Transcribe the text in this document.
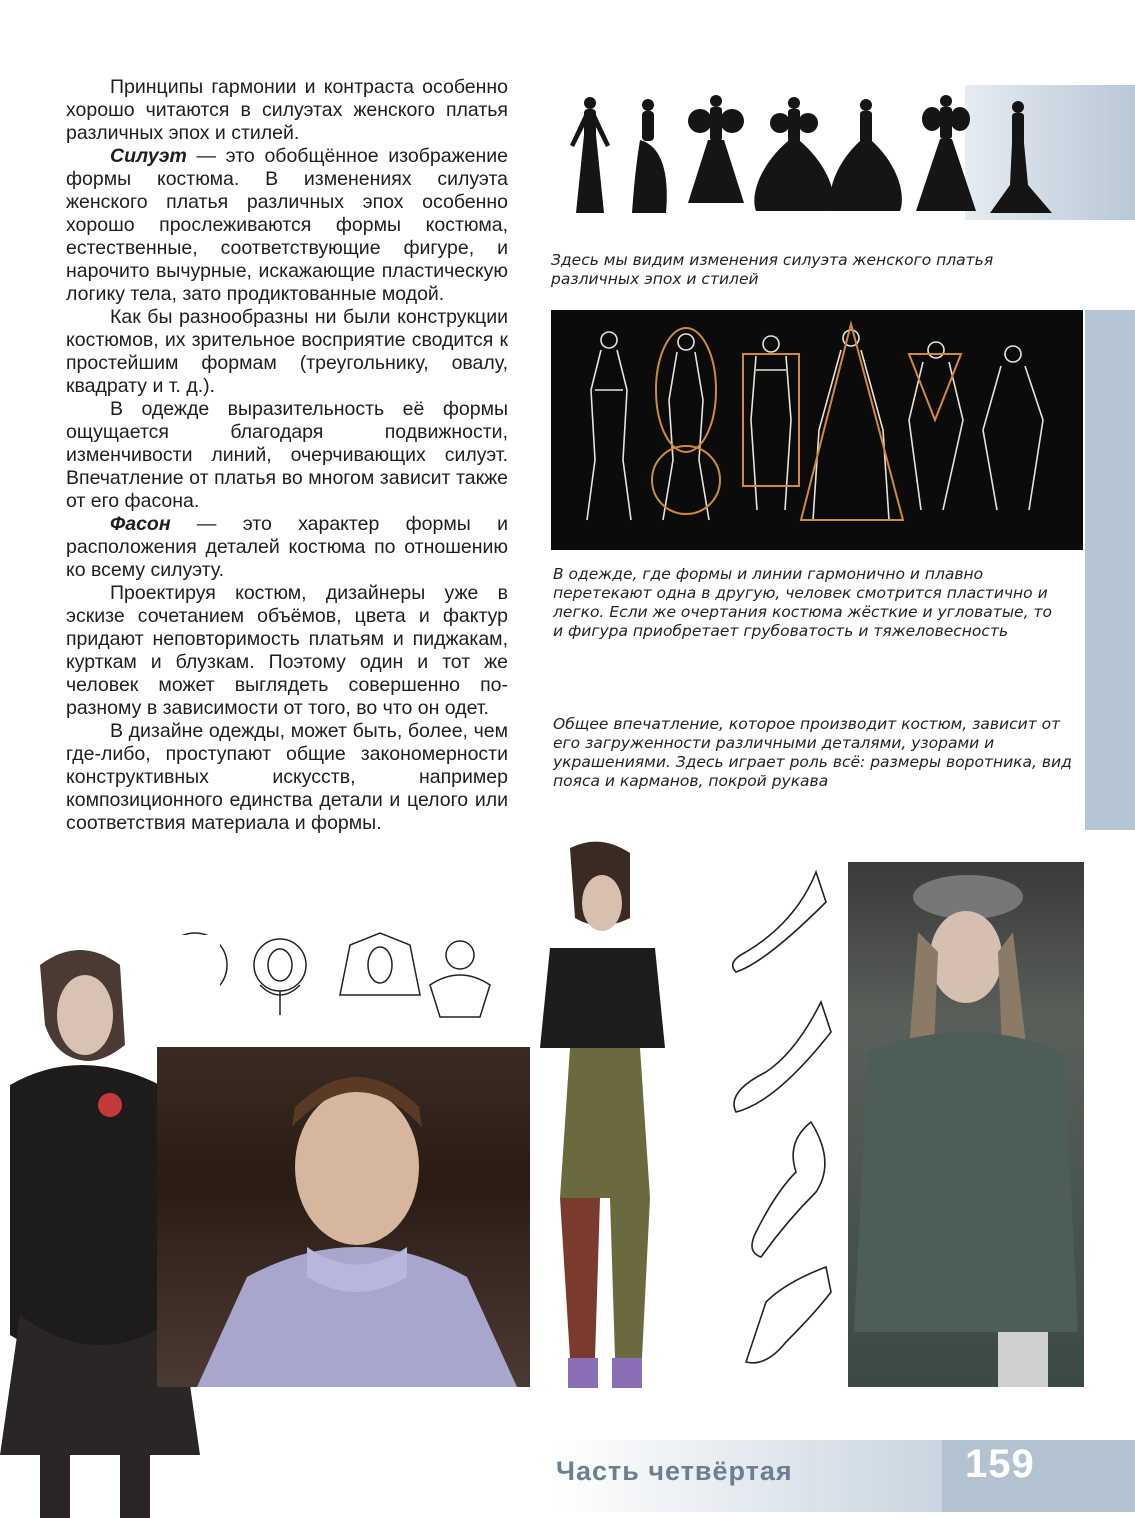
Принципы гармонии и контраста особенно хорошо читаются в силуэтах женского платья различных эпох и стилей.

Силуэт — это обобщённое изображение формы костюма. В изменениях силуэта женского платья различных эпох особенно хорошо прослеживаются формы костюма, естественные, соответствующие фигуре, и нарочито вычурные, искажающие пластическую логику тела, зато продиктованные модой.

Как бы разнообразны ни были конструкции костюмов, их зрительное восприятие сводится к простейшим формам (треугольнику, овалу, квадрату и т. д.).

В одежде выразительность её формы ощущается благодаря подвижности, изменчивости линий, очерчивающих силуэт. Впечатление от платья во многом зависит также от его фасона.

Фасон — это характер формы и расположения деталей костюма по отношению ко всему силуэту.

Проектируя костюм, дизайнеры уже в эскизе сочетанием объёмов, цвета и фактур придают неповторимость платьям и пиджакам, курткам и блузкам. Поэтому один и тот же человек может выглядеть совершенно по-разному в зависимости от того, во что он одет.

В дизайне одежды, может быть, более, чем где-либо, проступают общие закономерности конструктивных искусств, например композиционного единства детали и целого или соответствия материала и формы.

Здесь мы видим изменения силуэта женского платья различных эпох и стилей
В одежде, где формы и линии гармонично и плавно перетекают одна в другую, человек смотрится пластично и легко. Если же очертания костюма жёсткие и угловатые, то и фигура приобретает грубоватость и тяжеловесность
Общее впечатление, которое производит костюм, зависит от его загруженности различными деталями, узорами и украшениями. Здесь играет роль всё: размеры воротника, вид пояса и карманов, покрой рукава
Часть четвёртая	159
